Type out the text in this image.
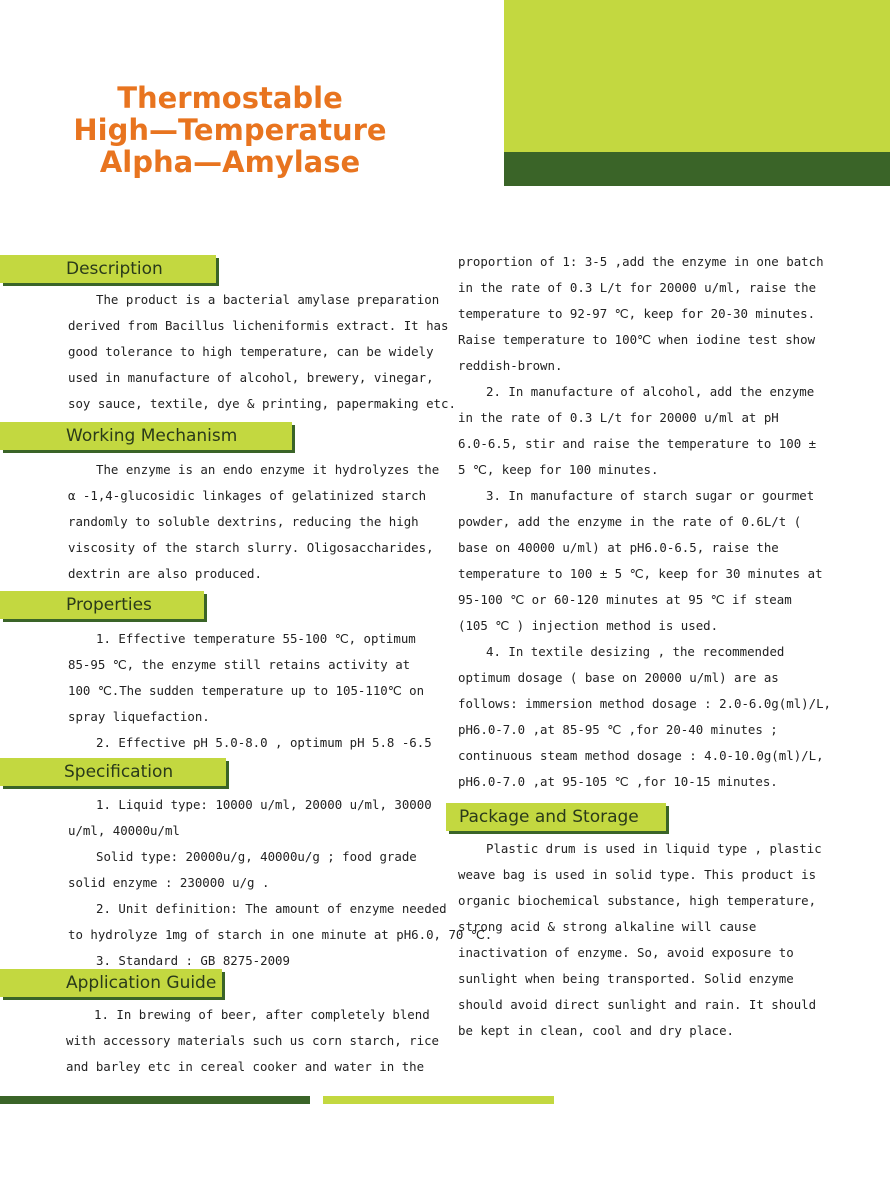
Thermostable
High—Temperature
Alpha—Amylase
Description
The product is a bacterial amylase preparation
derived from Bacillus licheniformis extract. It has
good tolerance to high temperature, can be widely
used in manufacture of alcohol, brewery, vinegar,
soy sauce, textile, dye & printing, papermaking etc.
Working Mechanism
The enzyme is an endo enzyme it hydrolyzes the
α -1,4-glucosidic linkages of gelatinized starch
randomly to soluble dextrins, reducing the high
viscosity of the starch slurry. Oligosaccharides,
dextrin are also produced.
Properties
1. Effective temperature 55-100 ℃, optimum
85-95 ℃, the enzyme still retains activity at
100 ℃.The sudden temperature up to 105-110℃ on
spray liquefaction.
2. Effective pH 5.0-8.0 , optimum pH 5.8 -6.5
Specification
1. Liquid type: 10000 u/ml, 20000 u/ml, 30000
u/ml, 40000u/ml
Solid type: 20000u/g, 40000u/g ; food grade
solid enzyme : 230000 u/g .
2. Unit definition: The amount of enzyme needed
to hydrolyze 1mg of starch in one minute at pH6.0, 70 ℃.
3. Standard : GB 8275-2009
Application Guide
1. In brewing of beer, after completely blend
with accessory materials such us corn starch, rice
and barley etc in cereal cooker and water in the
proportion of 1: 3-5 ,add the enzyme in one batch
in the rate of 0.3 L/t for 20000 u/ml, raise the
temperature to 92-97 ℃, keep for 20-30 minutes.
Raise temperature to 100℃ when iodine test show
reddish-brown.
2. In manufacture of alcohol, add the enzyme
in the rate of 0.3 L/t for 20000 u/ml at pH
6.0-6.5, stir and raise the temperature to 100 ±
5 ℃, keep for 100 minutes.
3. In manufacture of starch sugar or gourmet
powder, add the enzyme in the rate of 0.6L/t (
base on 40000 u/ml) at pH6.0-6.5, raise the
temperature to 100 ± 5 ℃, keep for 30 minutes at
95-100 ℃ or 60-120 minutes at 95 ℃ if steam
(105 ℃ ) injection method is used.
4. In textile desizing , the recommended
optimum dosage ( base on 20000 u/ml) are as
follows: immersion method dosage : 2.0-6.0g(ml)/L,
pH6.0-7.0 ,at 85-95 ℃ ,for 20-40 minutes ;
continuous steam method dosage : 4.0-10.0g(ml)/L,
pH6.0-7.0 ,at 95-105 ℃ ,for 10-15 minutes.
Package and Storage
Plastic drum is used in liquid type , plastic
weave bag is used in solid type. This product is
organic biochemical substance, high temperature,
strong acid & strong alkaline will cause
inactivation of enzyme. So, avoid exposure to
sunlight when being transported. Solid enzyme
should avoid direct sunlight and rain. It should
be kept in clean, cool and dry place.
